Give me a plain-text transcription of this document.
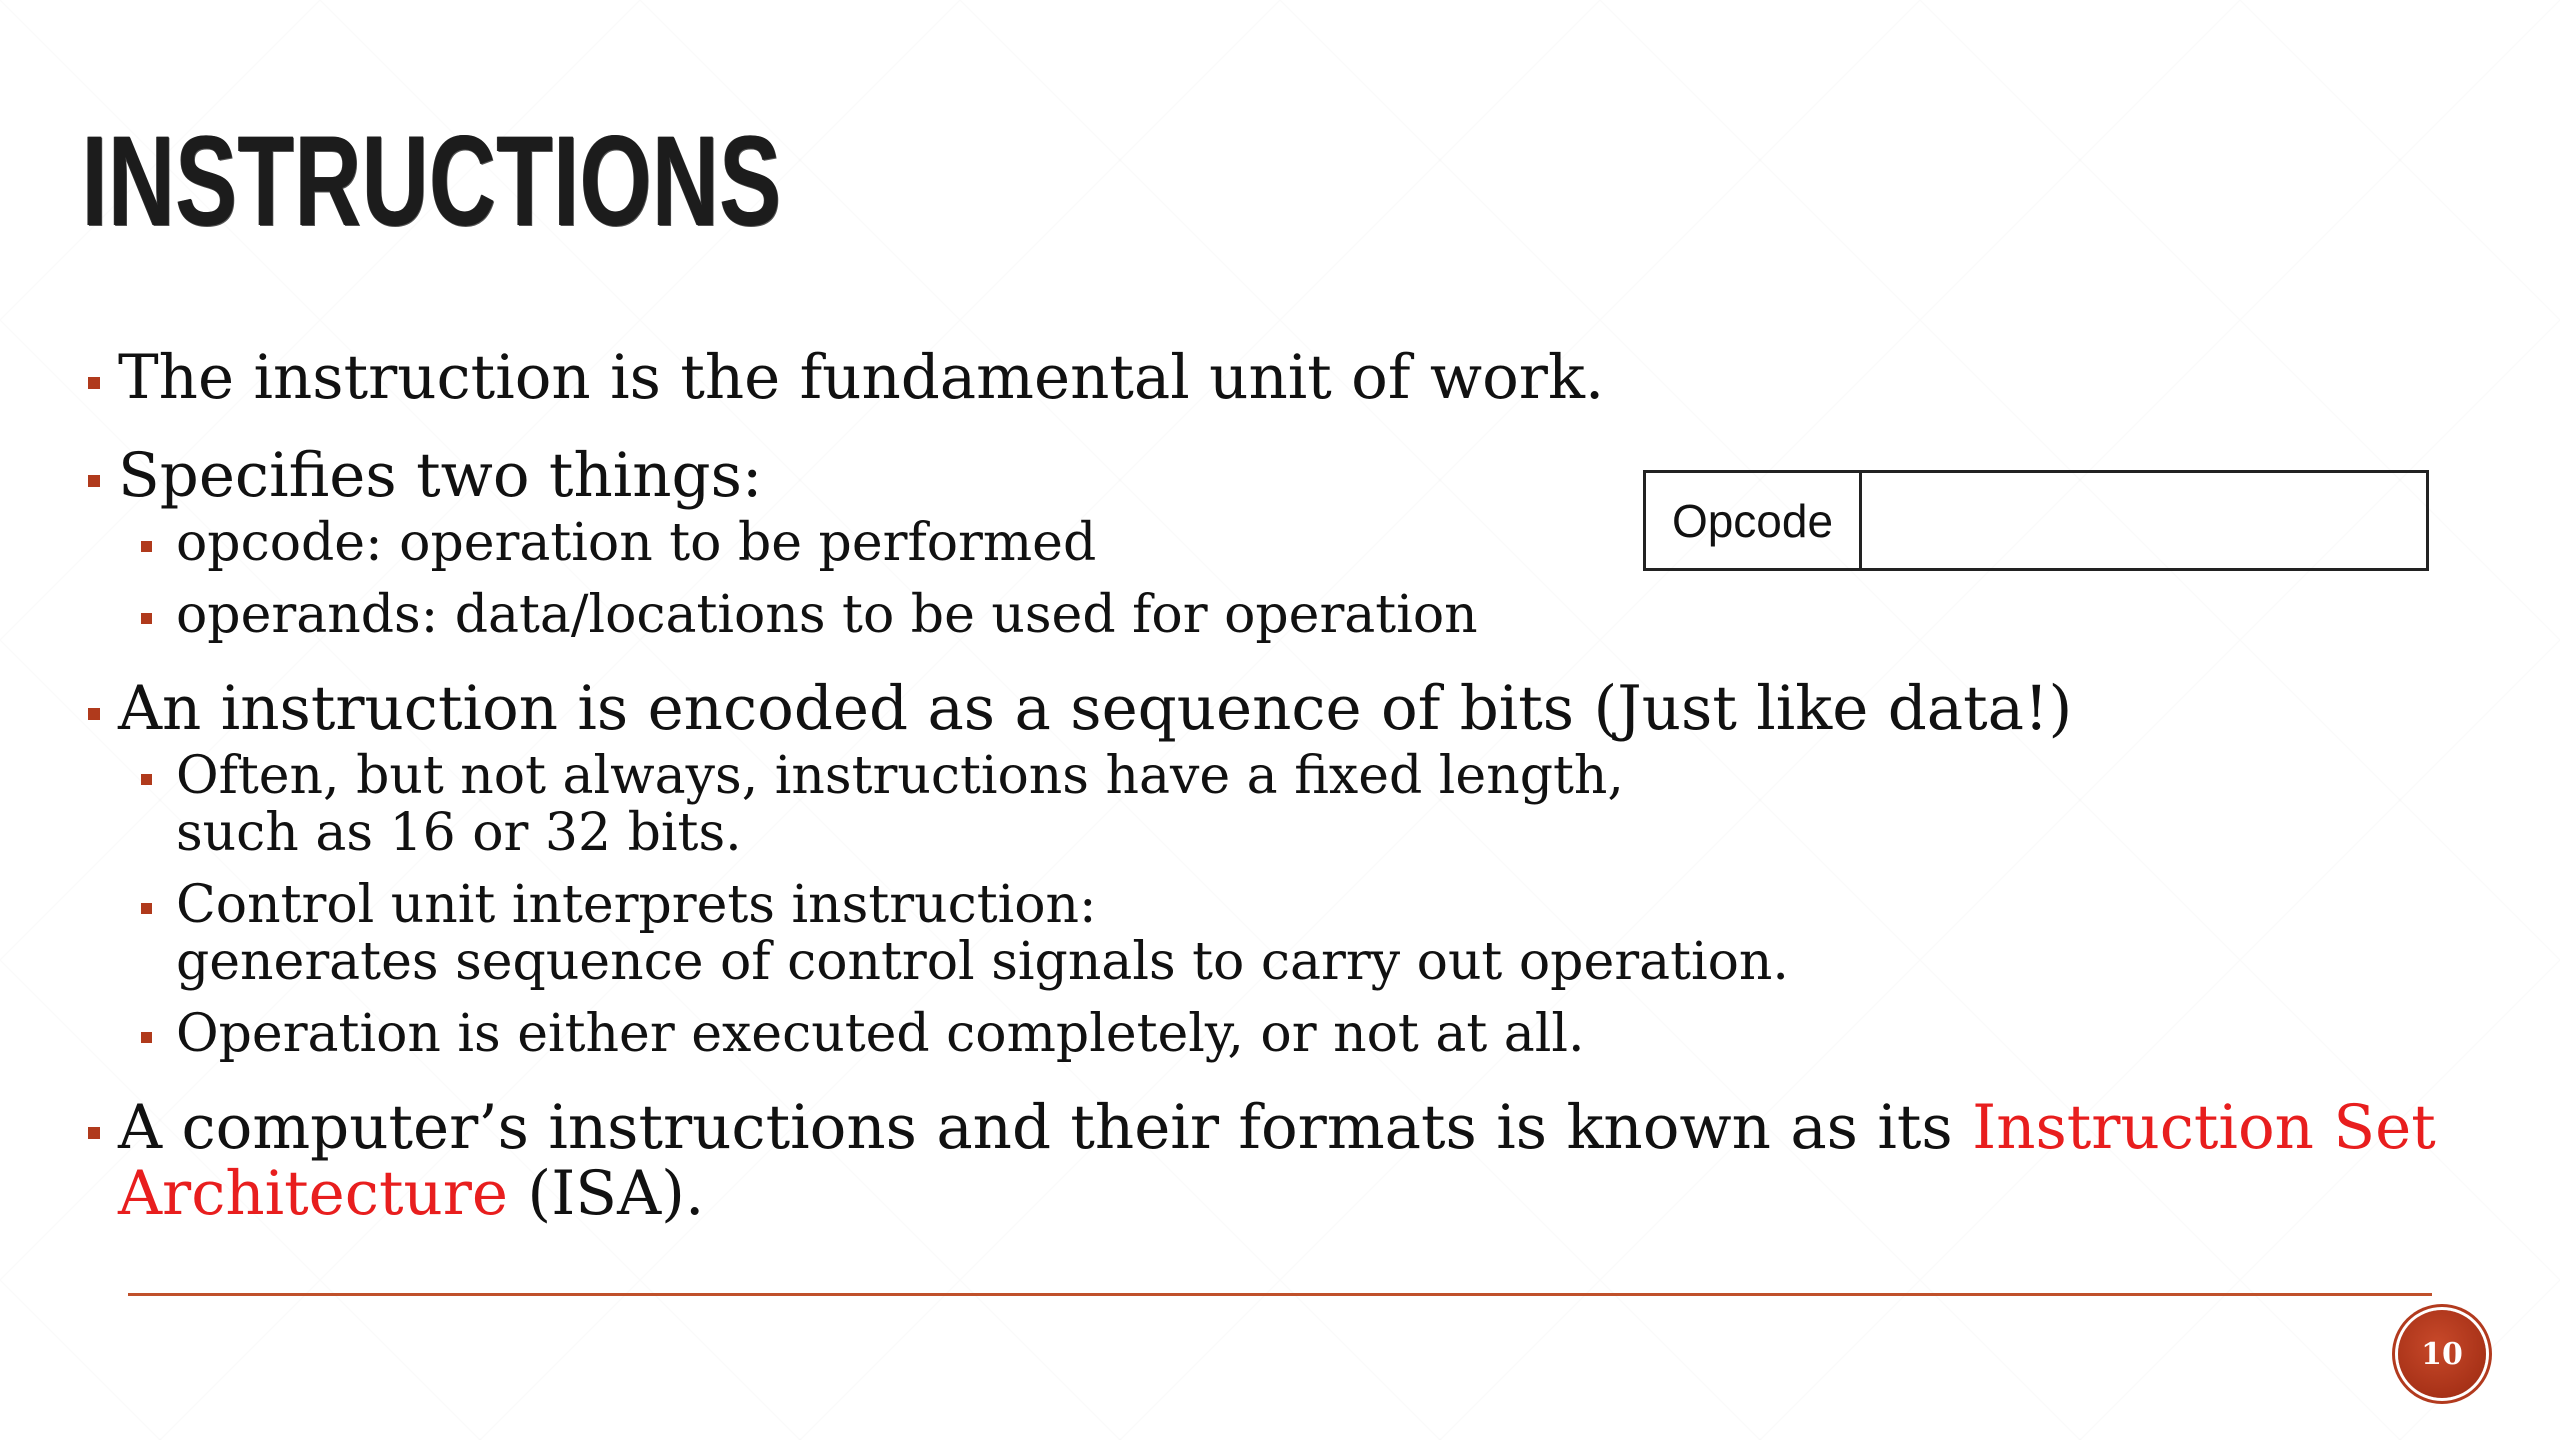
INSTRUCTIONS
The instruction is the fundamental unit of work.
Specifies two things:
opcode: operation to be performed
operands: data/locations to be used for operation
An instruction is encoded as a sequence of bits (Just like data!)
Often, but not always, instructions have a fixed length,
such as 16 or 32 bits.
Control unit interprets instruction:
generates sequence of control signals to carry out operation.
Operation is either executed completely, or not at all.
A computer’s instructions and their formats is known as its Instruction Set
Architecture (ISA).
Opcode
10
